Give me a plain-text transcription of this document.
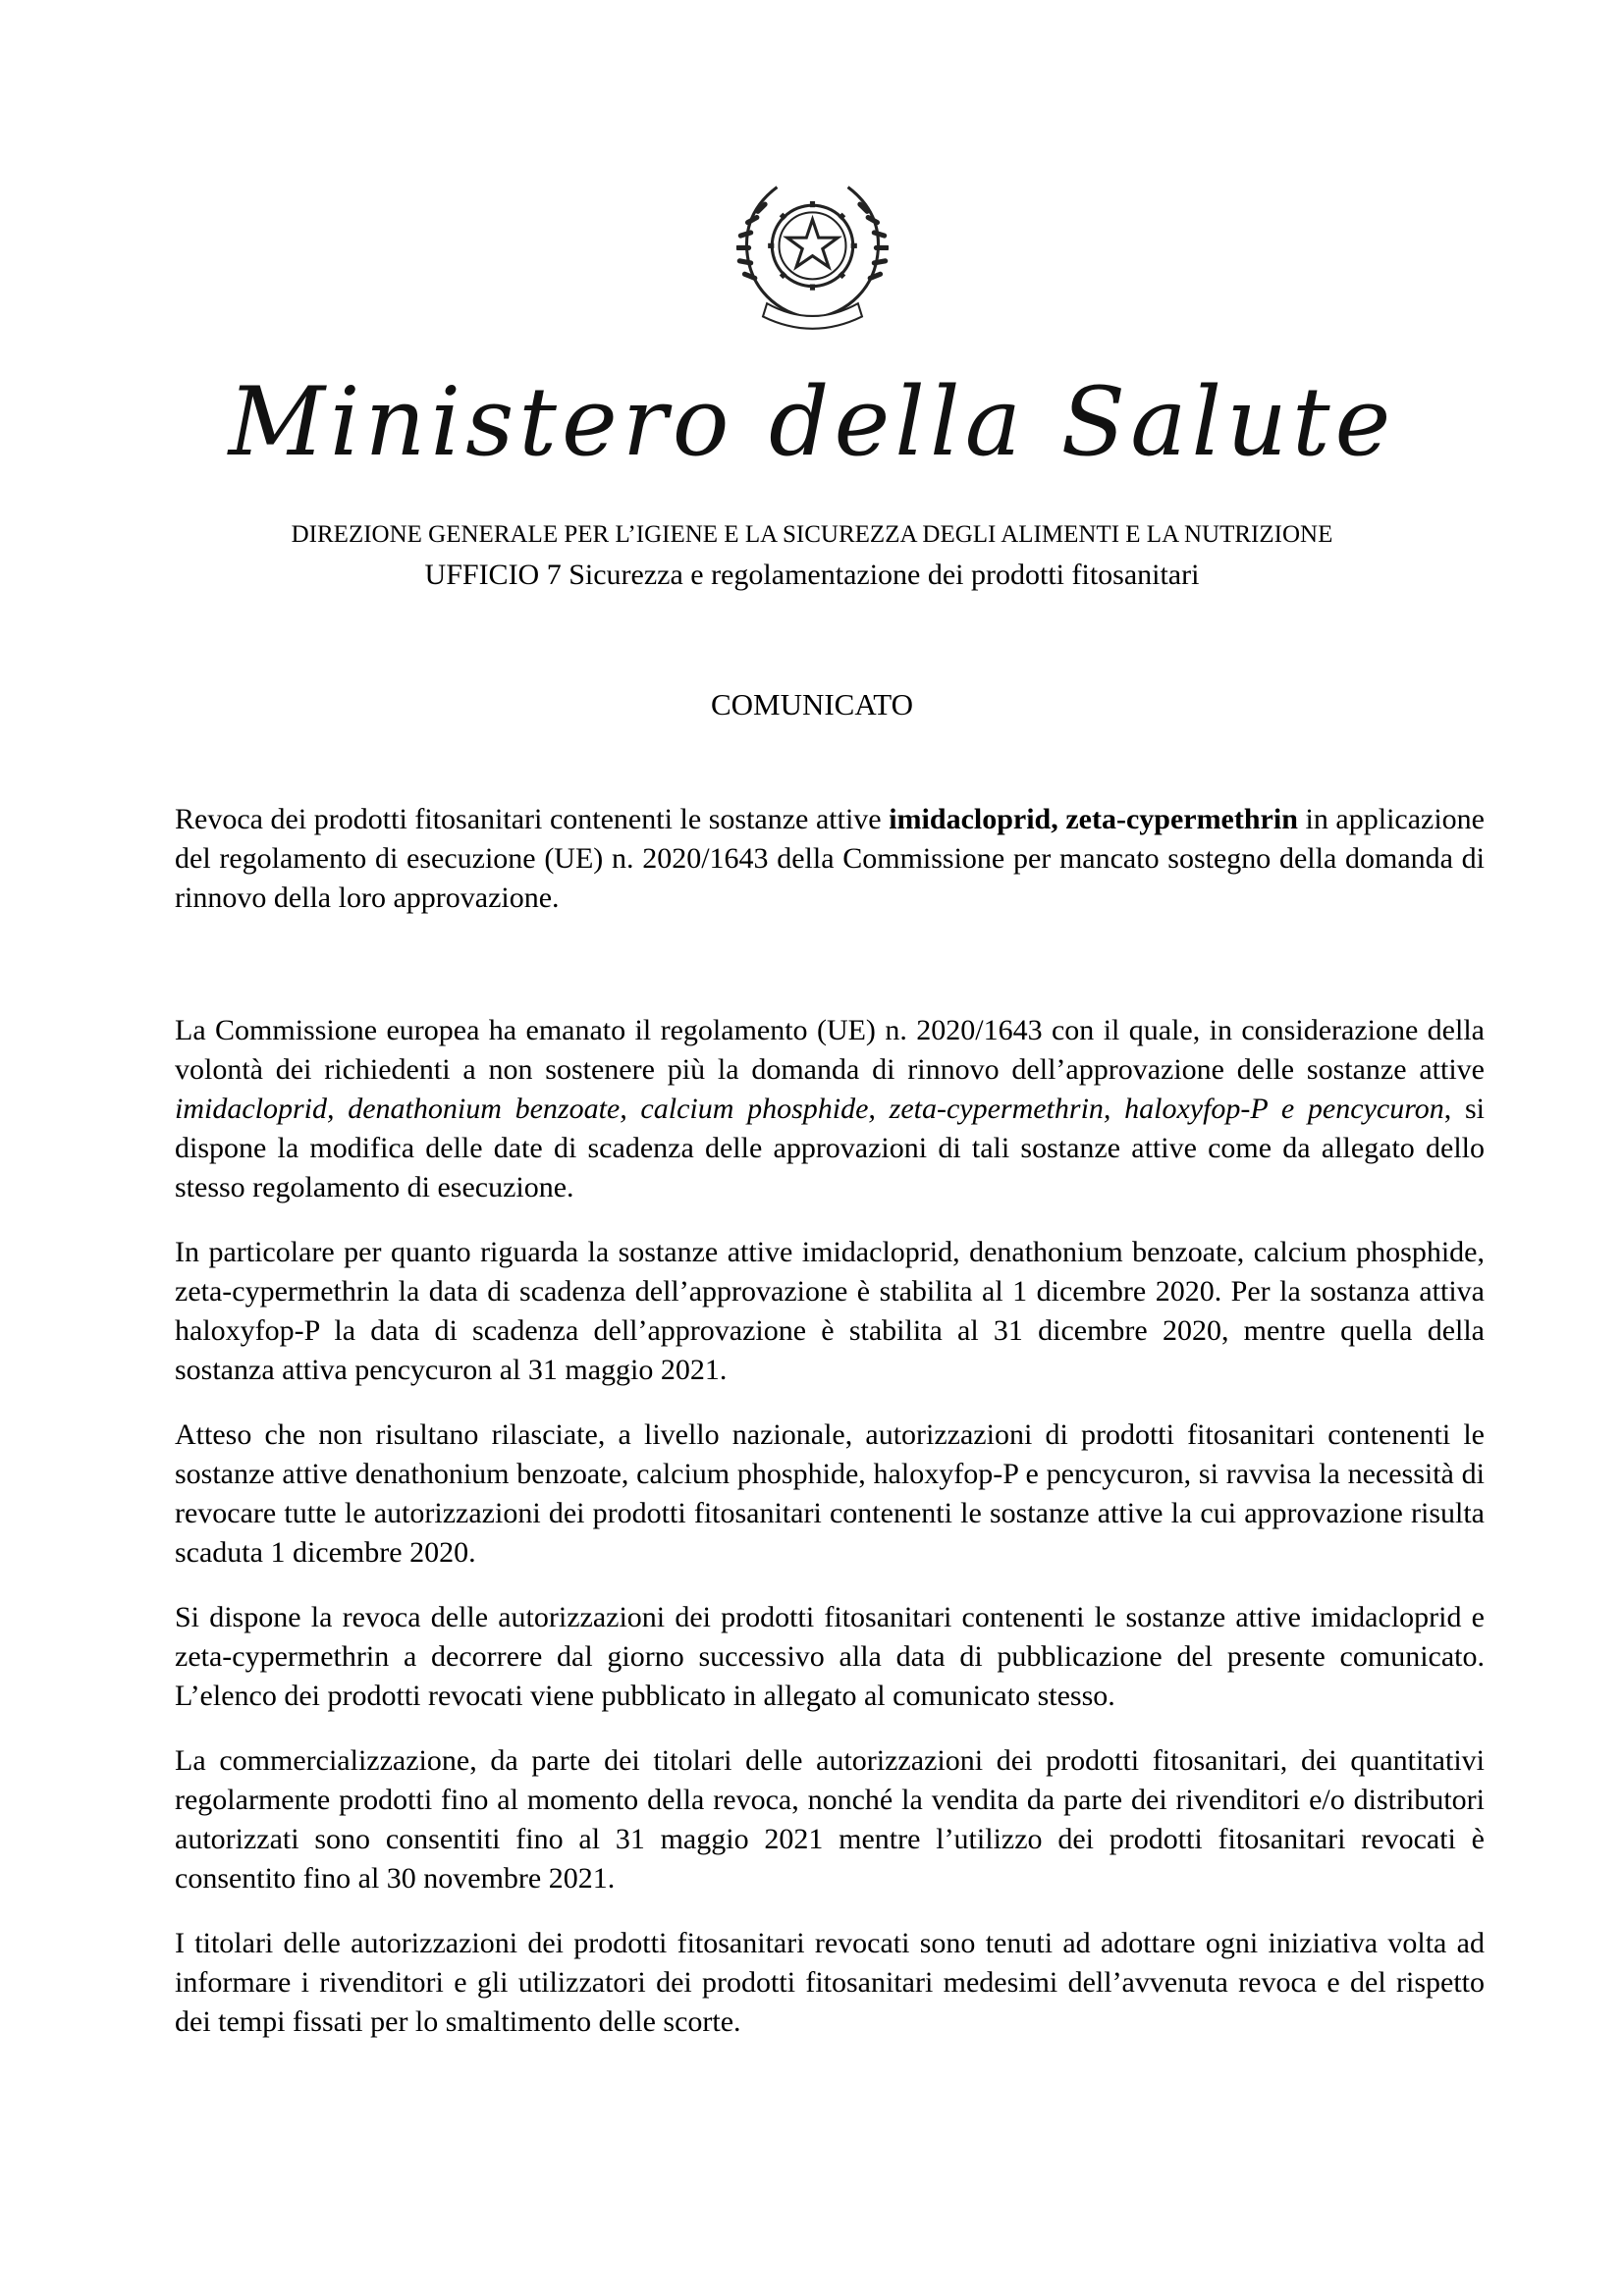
Ministero della Salute
DIREZIONE GENERALE PER L’IGIENE E LA SICUREZZA DEGLI ALIMENTI E LA NUTRIZIONE
UFFICIO 7 Sicurezza e regolamentazione dei prodotti fitosanitari
COMUNICATO
Revoca dei prodotti fitosanitari contenenti le sostanze attive imidacloprid, zeta-cypermethrin in applicazione del regolamento di esecuzione (UE) n. 2020/1643 della Commissione per mancato sostegno della domanda di rinnovo della loro approvazione.

La Commissione europea ha emanato il regolamento (UE) n. 2020/1643 con il quale, in considerazione della volontà dei richiedenti a non sostenere più la domanda di rinnovo dell’approvazione delle sostanze attive imidacloprid, denathonium benzoate, calcium phosphide, zeta-cypermethrin, haloxyfop-P e pencycuron, si dispone la modifica delle date di scadenza delle approvazioni di tali sostanze attive come da allegato dello stesso regolamento di esecuzione.

In particolare per quanto riguarda la sostanze attive imidacloprid, denathonium benzoate, calcium phosphide, zeta-cypermethrin la data di scadenza dell’approvazione è stabilita al 1 dicembre 2020. Per la sostanza attiva haloxyfop-P la data di scadenza dell’approvazione è stabilita al 31 dicembre 2020, mentre quella della sostanza attiva pencycuron al 31 maggio 2021.

Atteso che non risultano rilasciate, a livello nazionale, autorizzazioni di prodotti fitosanitari contenenti le sostanze attive denathonium benzoate, calcium phosphide, haloxyfop-P e pencycuron, si ravvisa la necessità di revocare tutte le autorizzazioni dei prodotti fitosanitari contenenti le sostanze attive la cui approvazione risulta scaduta 1 dicembre 2020.

Si dispone la revoca delle autorizzazioni dei prodotti fitosanitari contenenti le sostanze attive imidacloprid e zeta-cypermethrin a decorrere dal giorno successivo alla data di pubblicazione del presente comunicato. L’elenco dei prodotti revocati viene pubblicato in allegato al comunicato stesso.

La commercializzazione, da parte dei titolari delle autorizzazioni dei prodotti fitosanitari, dei quantitativi regolarmente prodotti fino al momento della revoca, nonché la vendita da parte dei rivenditori e/o distributori autorizzati sono consentiti fino al 31 maggio 2021 mentre l’utilizzo dei prodotti fitosanitari revocati è consentito fino al 30 novembre 2021.

I titolari delle autorizzazioni dei prodotti fitosanitari revocati sono tenuti ad adottare ogni iniziativa volta ad informare i rivenditori e gli utilizzatori dei prodotti fitosanitari medesimi dell’avvenuta revoca e del rispetto dei tempi fissati per lo smaltimento delle scorte.
